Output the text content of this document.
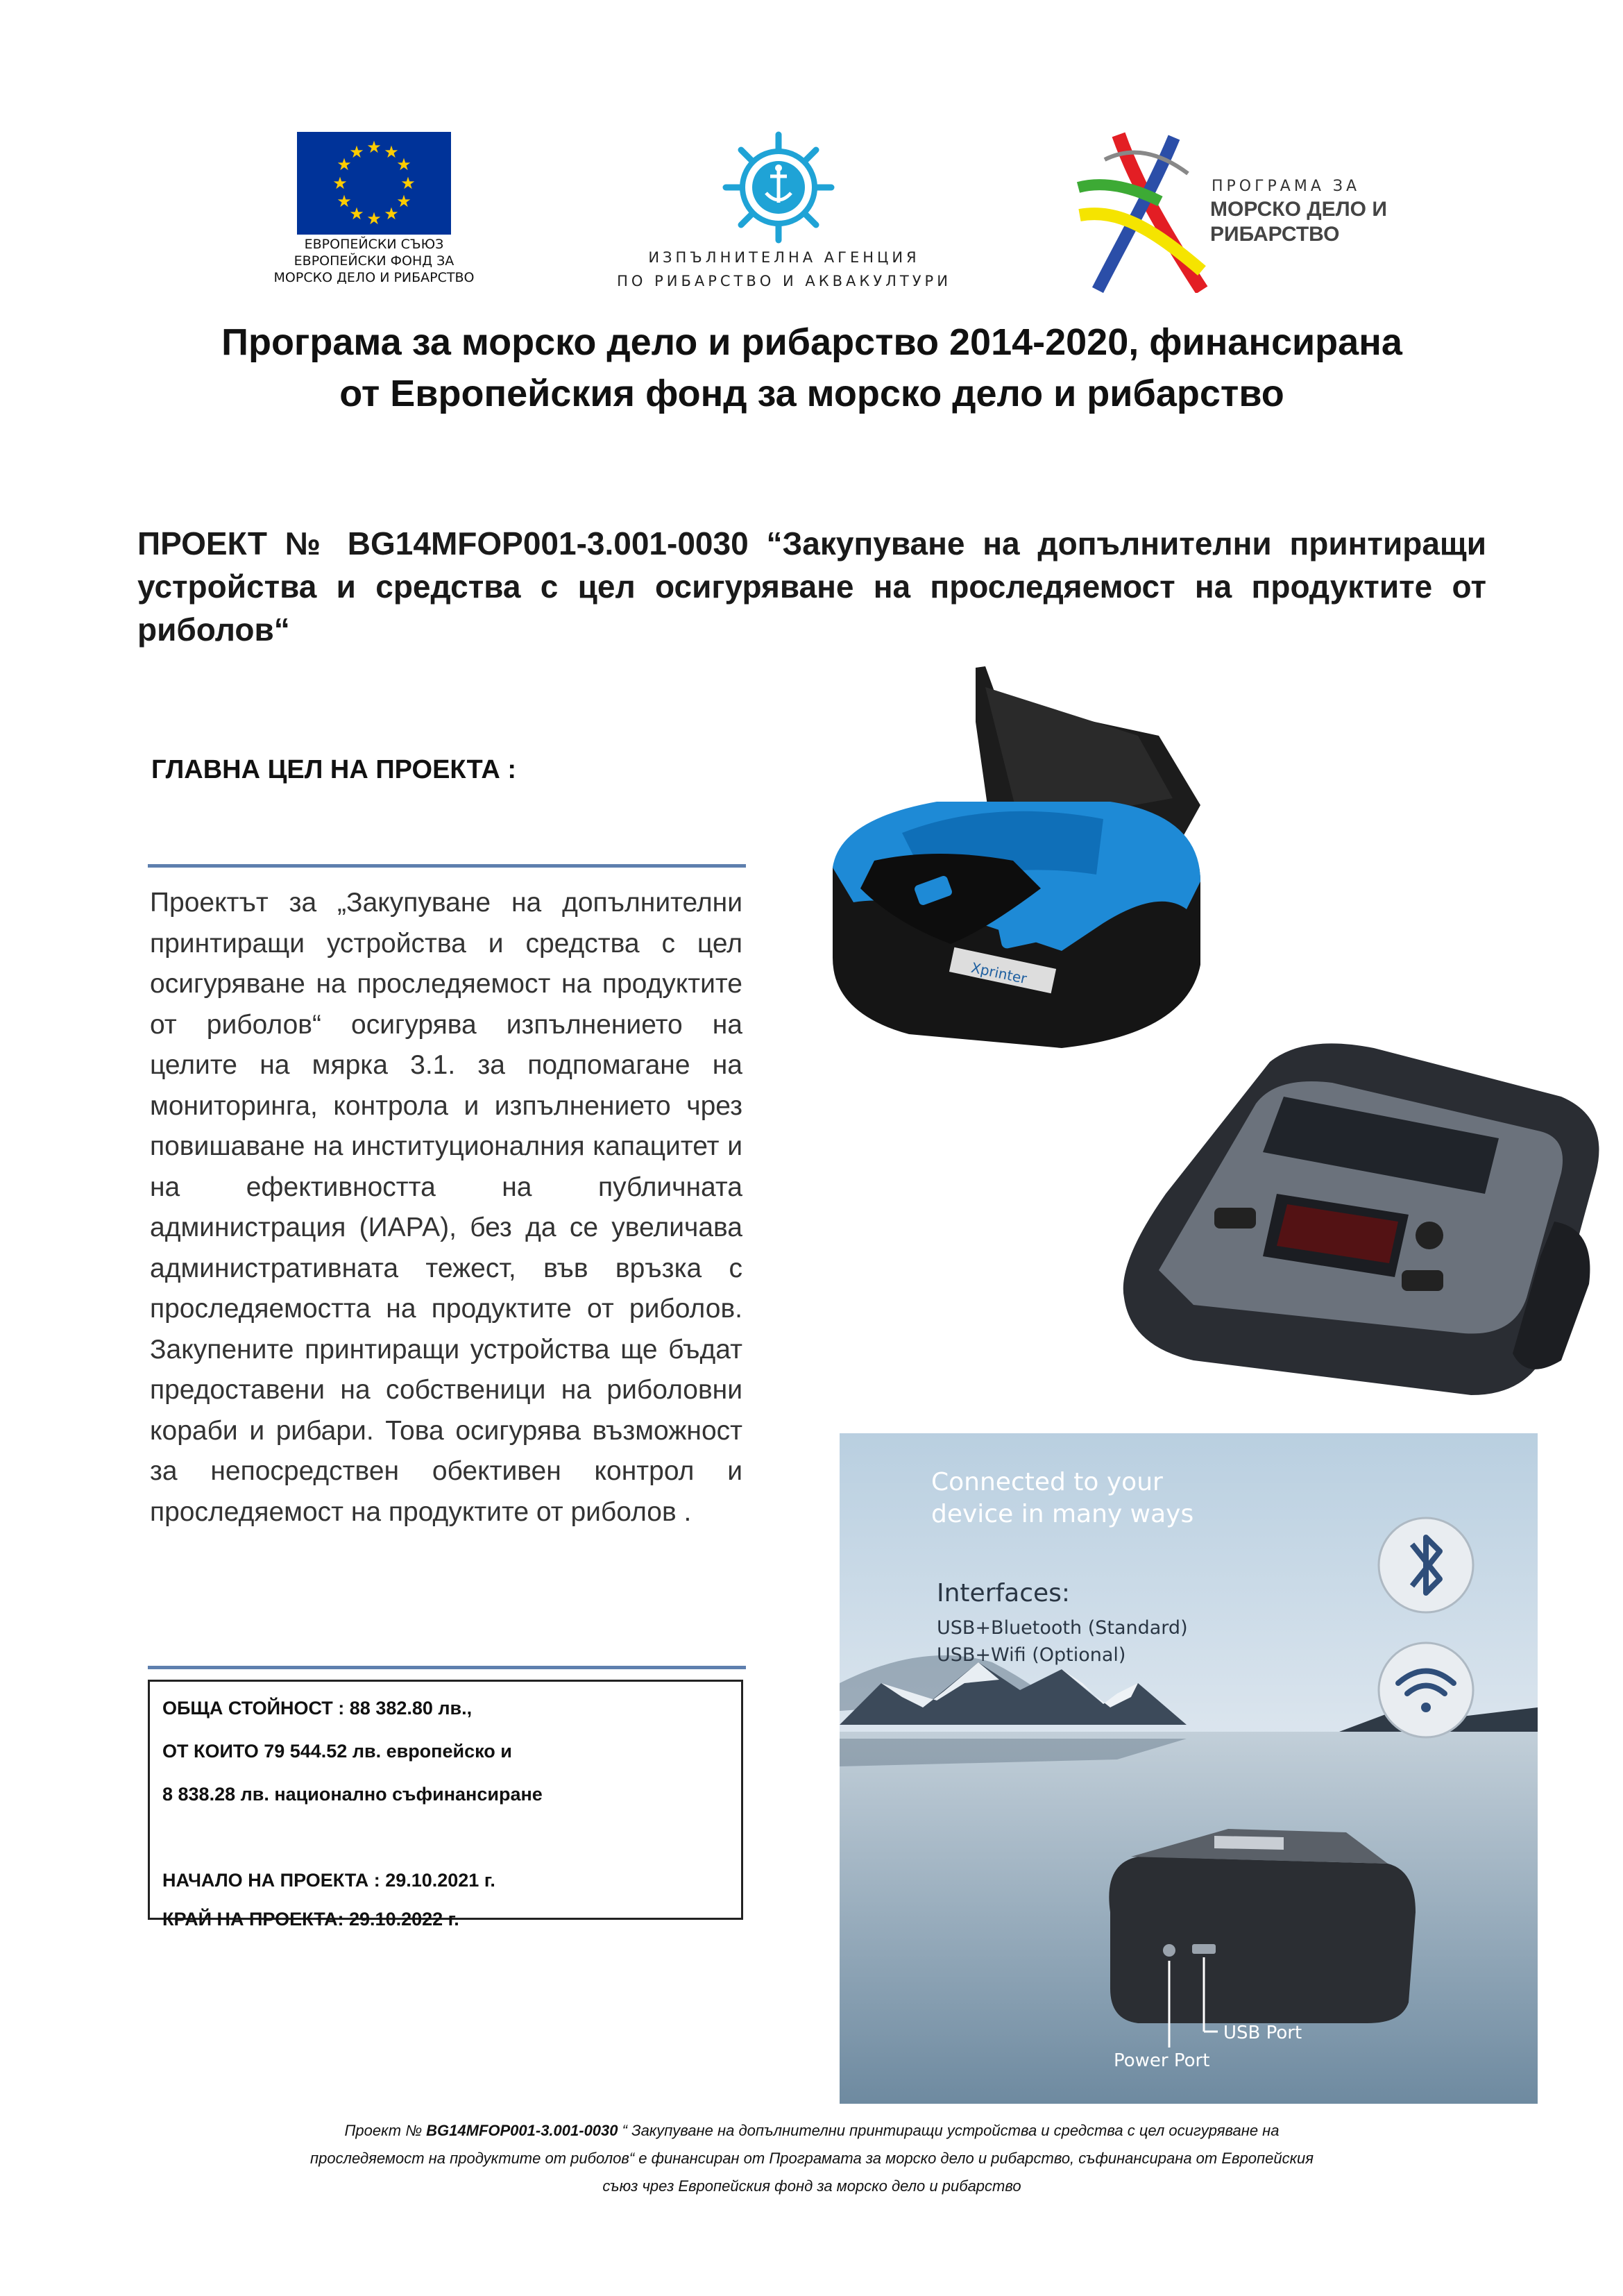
★ ★
★
★
★
★
★
★
★
★
★
★
ЕВРОПЕЙСКИ СЪЮЗ
ЕВРОПЕЙСКИ ФОНД ЗА
МОРСКО ДЕЛО И РИБАРСТВО
ИЗПЪЛНИТЕЛНА АГЕНЦИЯ
ПО РИБАРСТВО И АКВАКУЛТУРИ
ПРОГРАМА ЗА
МОРСКО ДЕЛО И
РИБАРСТВО
Програма за морско дело и рибарство 2014-2020, финансирана
от Европейския фонд за морско дело и рибарство
ПРОЕКТ № BG14MFOP001-3.001-0030 “Закупуване на допълнителни принтиращи устройства и средства с цел осигуряване на проследяемост на продуктите от риболов“
ГЛАВНА ЦЕЛ НА ПРОЕКТА :
Проектът за „Закупуване на допълнителни принтиращи устройства и средства с цел осигуряване на проследяемост на продуктите от риболов“ осигурява изпълнението на целите на мярка 3.1. за подпомагане на мониторинга, контрола и изпълнението чрез повишаване на институционалния капацитет и на ефективността на публичната администрация (ИАРА), без да се увеличава административната тежест, във връзка с проследяемостта на продуктите от риболов. Закупените принтиращи устройства ще бъдат предоставени на собственици на риболовни кораби и рибари. Това осигурява възможност за непосредствен обективен контрол и проследяемост на продуктите от риболов .
ОБЩА СТОЙНОСТ : 88 382.80 лв.,
ОТ КОИТО 79 544.52 лв. европейско и
8 838.28 лв. национално съфинансиране
НАЧАЛО НА ПРОЕКТА : 29.10.2021 г.
КРАЙ НА ПРОЕКТА: 29.10.2022 г.
Xprinter
Connected to your
device in many ways
Interfaces:
USB+Bluetooth (Standard)
USB+Wifi (Optional)
USB Port
Power Port
Проект № BG14MFOP001-3.001-0030 “ Закупуване на допълнителни принтиращи устройства и средства с цел осигуряване на
проследяемост на продуктите от риболов“ е финансиран от Програмата за морско дело и рибарство, съфинансирана от Европейския
съюз чрез Европейския фонд за морско дело и рибарство
